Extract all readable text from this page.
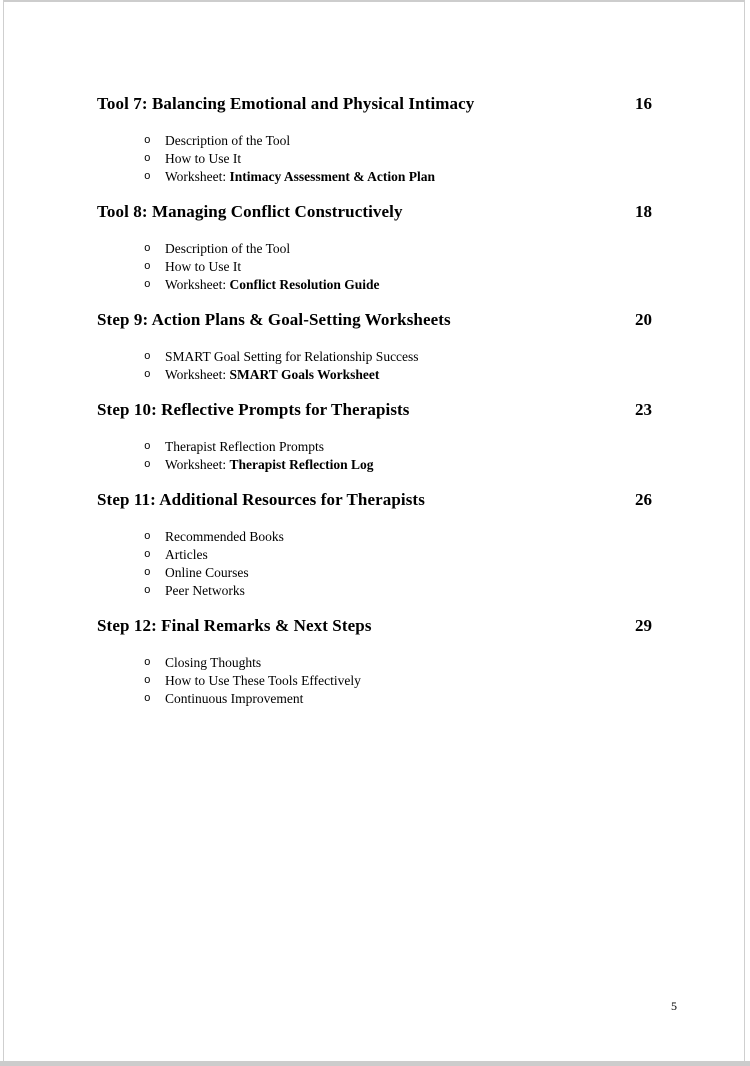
Tool 7: Balancing Emotional and Physical Intimacy	16
o Description of the Tool
o How to Use It
o Worksheet: Intimacy Assessment & Action Plan
Tool 8: Managing Conflict Constructively	18
o Description of the Tool
o How to Use It
o Worksheet: Conflict Resolution Guide
Step 9: Action Plans & Goal-Setting Worksheets	20
o SMART Goal Setting for Relationship Success
o Worksheet: SMART Goals Worksheet
Step 10: Reflective Prompts for Therapists	23
o Therapist Reflection Prompts
o Worksheet: Therapist Reflection Log
Step 11: Additional Resources for Therapists	26
o Recommended Books
o Articles
o Online Courses
o Peer Networks
Step 12: Final Remarks & Next Steps	29
o Closing Thoughts
o How to Use These Tools Effectively
o Continuous Improvement
5
